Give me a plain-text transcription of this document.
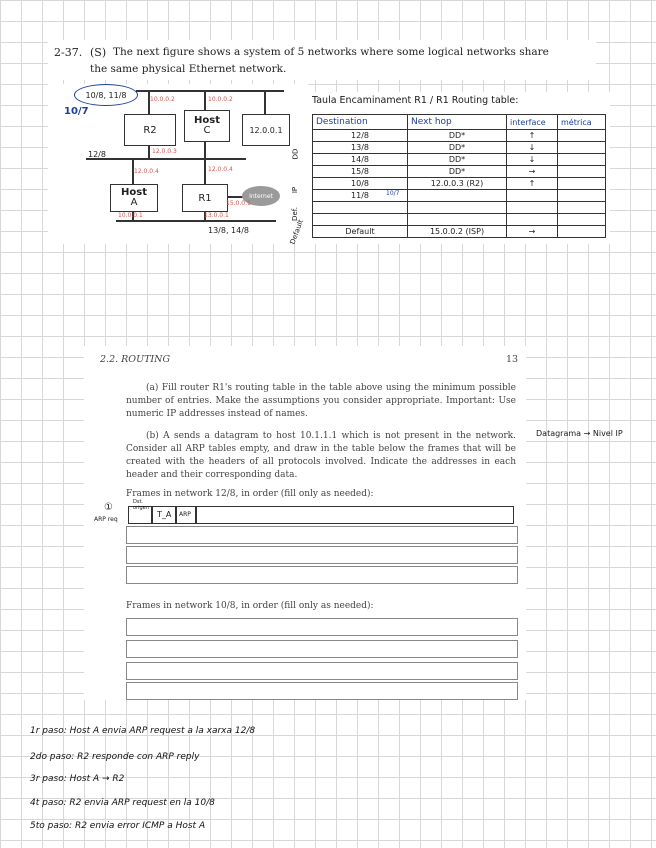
2-37. (S) The next figure shows a system of 5 networks where some logical networks share
the same physical Ethernet network.
10/8, 11/8
10/7
R2
Host
C	12.0.0.1
12/8
Host
A	R1	Internet
13/8, 14/8
10.0.0.2	10.0.0.2
12.0.0.3
12.0.0.4	12.0.0.4
10.0.0.1
15.0.0.1
13.0.0.1
Taula Encaminament R1 / R1 Routing table:
DD
IP
Def.
Default
Destination	Next hop	interface	métrica
12/8	DD*	↑	
13/8	DD*	↓	
14/8	DD*	↓	
15/8	DD*	→	
10/8	12.0.0.3 (R2)	↑	
11/8			

Default	15.0.0.2 (ISP)	→	
10/7
2.2. ROUTING	13
(a) Fill router R1's routing table in the table above using the minimum possible number of entries. Make the assumptions you consider appropriate. Important: Use numeric IP addresses instead of names.
(b) A sends a datagram to host 10.1.1.1 which is not present in the network. Consider all ARP tables empty, and draw in the table below the frames that will be created with the headers of all protocols involved. Indicate the addresses in each header and their corresponding data.
Datagrama → Nivel IP
Frames in network 12/8, in order (fill only as needed):
①
ARP req
Dst. origen
T_A ARP
Frames in network 10/8, in order (fill only as needed):
1r paso: Host A envia ARP request a la xarxa 12/8
2do paso: R2 responde con ARP reply
3r paso: Host A → R2
4t paso: R2 envia ARP request en la 10/8
5to paso: R2 envia error ICMP a Host A
